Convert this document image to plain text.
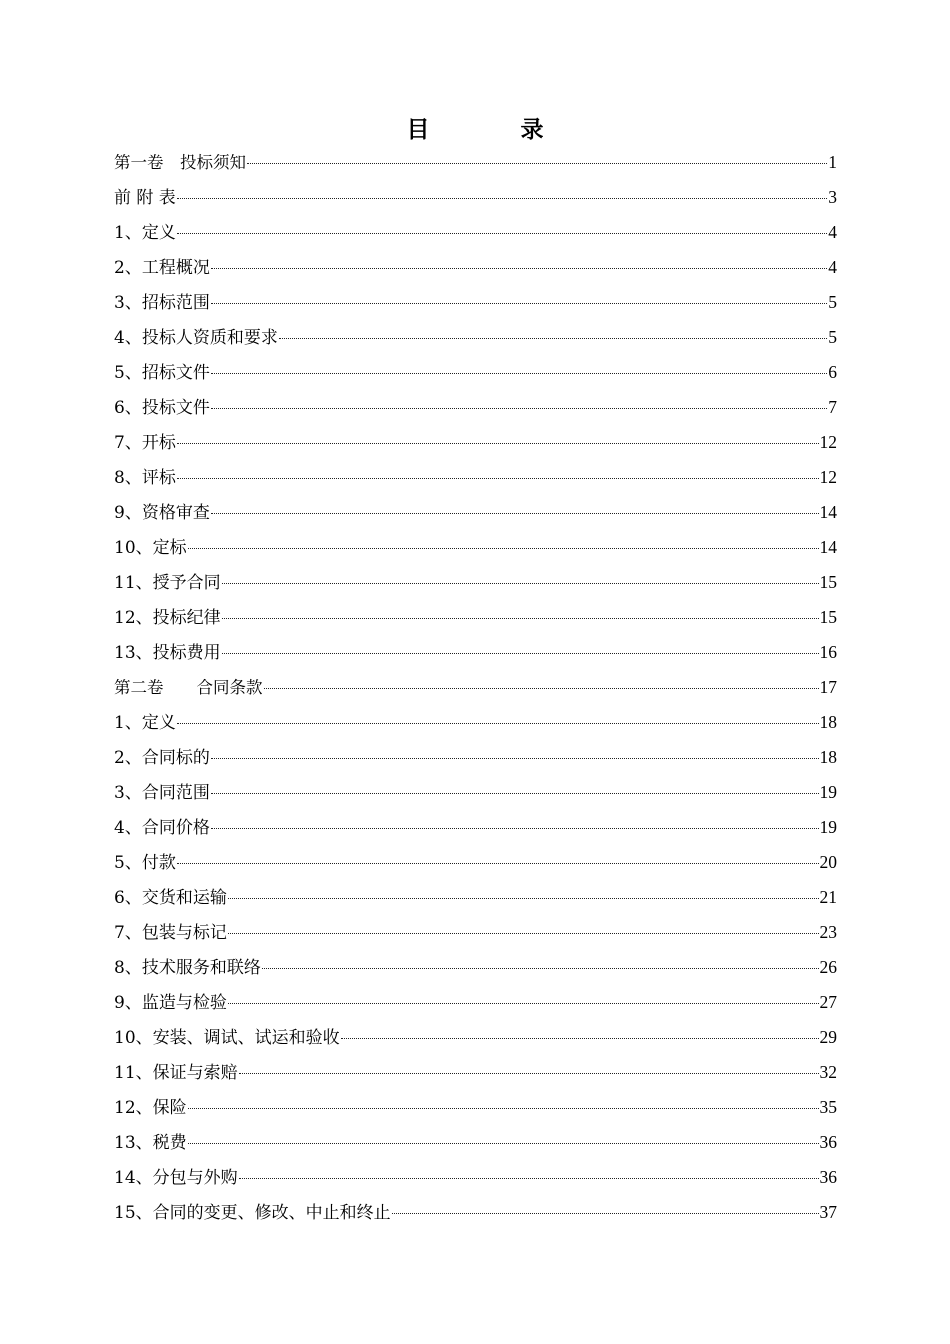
目　录
第一卷　投标须知	1
前 附 表	3
1、定义	4
2、工程概况	4
3、招标范围	5
4、投标人资质和要求	5
5、招标文件	6
6、投标文件	7
7、开标	12
8、评标	12
9、资格审查	14
10、定标	14
11、授予合同	15
12、投标纪律	15
13、投标费用	16
第二卷　　合同条款	17
1、定义	18
2、合同标的	18
3、合同范围	19
4、合同价格	19
5、付款	20
6、交货和运输	21
7、包装与标记	23
8、技术服务和联络	26
9、监造与检验	27
10、安装、调试、试运和验收	29
11、保证与索赔	32
12、保险	35
13、税费	36
14、分包与外购	36
15、合同的变更、修改、中止和终止	37
